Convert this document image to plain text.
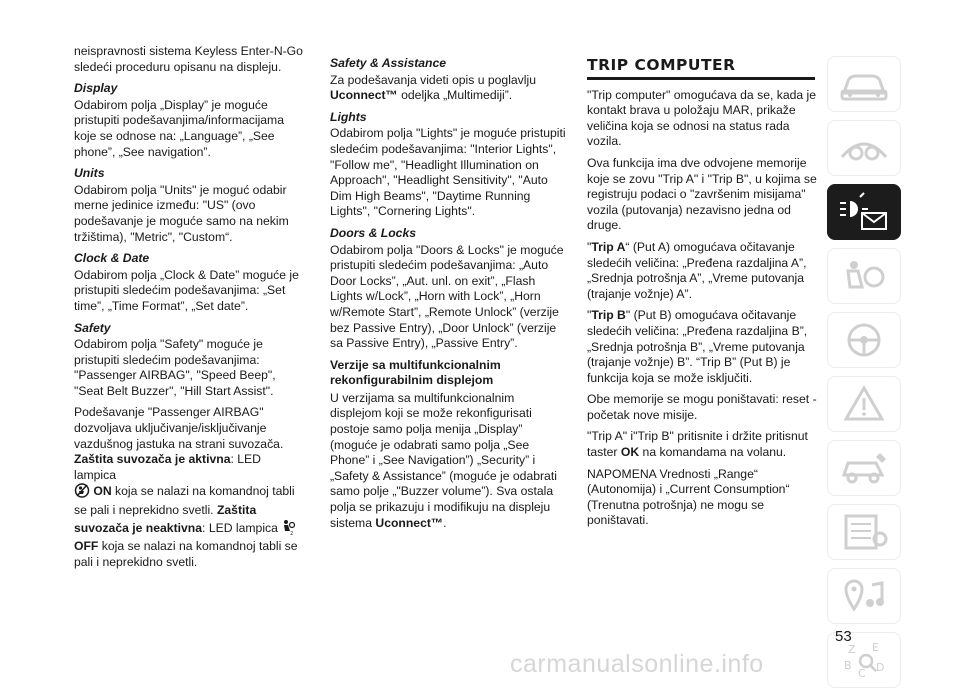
neispravnosti sistema Keyless Enter-N-Go sledeći proceduru opisanu na displeju.

Display

Odabirom polja „Display” je moguće pristupiti podešavanjima/informacijama koje se odnose na: „Language”, „See phone”, „See navigation”.

Units

Odabirom polja "Units" je moguć odabir merne jedinice između: "US" (ovo podešavanje je moguće samo na nekim tržištima), "Metric", "Custom“.

Clock & Date

Odabirom polja „Clock & Date” moguće je pristupiti sledećim podešavanjima: „Set time”, „Time Format”, „Set date”.

Safety

Odabirom polja "Safety" moguće je pristupiti sledećim podešavanjima: "Passenger AIRBAG", "Speed Beep", "Seat Belt Buzzer", "Hill Start Assist".

Podešavanje "Passenger AIRBAG" dozvoljava uključivanje/isključivanje vazdušnog jastuka na strani suvozača.
Zaštita suvozača je aktivna: LED lampica
ON koja se nalazi na komandnoj tabli se pali i neprekidno svetli. Zaštita suvozača je neaktivna: LED lampica 2

OFF koja se nalazi na komandnoj tabli se pali i neprekidno svetli.

Safety & Assistance

Za podešavanja videti opis u poglavlju
Uconnect™ odeljka „Multimediji”.

Lights

Odabirom polja "Lights" je moguće pristupiti sledećim podešavanjima: "Interior Lights", "Follow me", "Headlight Illumination on Approach", "Headlight Sensitivity", "Auto Dim High Beams", "Daytime Running Lights", "Cornering Lights".

Doors & Locks

Odabirom polja "Doors & Locks" je moguće pristupiti sledećim podešavanjima: „Auto Door Locks”, „Aut. unl. on exit”, „Flash Lights w/Lock”, „Horn with Lock”, „Horn w/Remote Start”, „Remote Unlock” (verzije bez Passive Entry), „Door Unlock” (verzije sa Passive Entry), „Passive Entry”.

Verzije sa multifunkcionalnim rekonfigurabilnim displejom

U verzijama sa multifunkcionalnim displejom koji se može rekonfigurisati postoje samo polja menija „Display” (moguće je odabrati samo polja „See Phone” i „See Navigation”) „Security” i „Safety & Assistance” (moguće je odabrati samo polje „"Buzzer volume”). Sva ostala polja se prikazuju i modifikuju na displeju sistema Uconnect™.

TRIP COMPUTER

"Trip computer" omogućava da se, kada je kontakt brava u položaju MAR, prikaže veličina koja se odnosi na status rada vozila.

Ova funkcija ima dve odvojene memorije koje se zovu "Trip A" i "Trip B", u kojima se registruju podaci o "završenim misijama" vozila (putovanja) nezavisno jedna od druge.

"Trip A“ (Put A) omogućava očitavanje sledećih veličina: „Pređena razdaljina A”, „Srednja potrošnja A”, „Vreme putovanja (trajanje vožnje) A”.

"Trip B" (Put B) omogućava očitavanje sledećih veličina: „Pređena razdaljina B”, „Srednja potrošnja B”, „Vreme putovanja (trajanje vožnje) B”. “Trip B” (Put B) je funkcija koja se može isključiti.

Obe memorije se mogu poništavati: reset - početak nove misije.

"Trip A" i"Trip B" pritisnite i držite pritisnut taster OK na komandama na volanu.

NAPOMENA Vrednosti „Range“ (Autonomija) i „Current Consumption“ (Trenutna potrošnja) ne mogu se poništavati.

Z E
B
C D
53
carmanualsonline.info
